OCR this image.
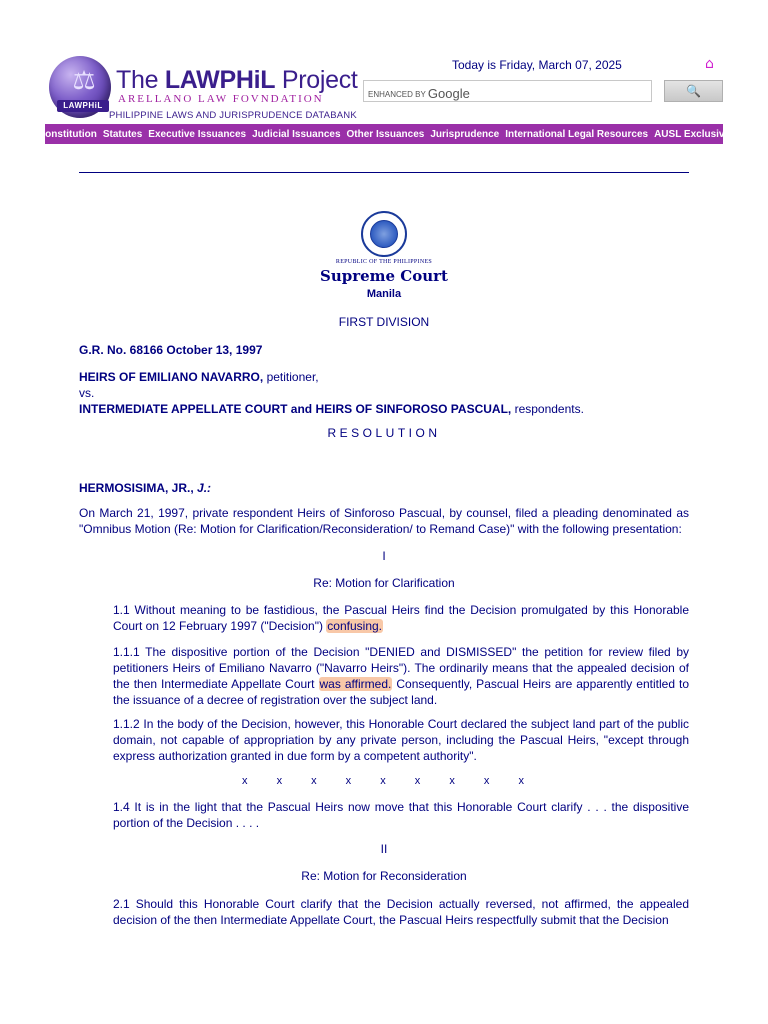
⚖
LAWPHiL
The LAWPHiL Project
ARELLANO LAW FOVNDATION
PHILIPPINE LAWS AND JURISPRUDENCE DATABANK
Today is Friday, March 07, 2025	⌂
ENHANCED BY Google	🔍
Constitution Statutes Executive Issuances Judicial Issuances Other Issuances Jurisprudence International Legal Resources AUSL Exclusive
REPUBLIC OF THE PHILIPPINES
Supreme Court
Manila
FIRST DIVISION
G.R. No. 68166 October 13, 1997
HEIRS OF EMILIANO NAVARRO, petitioner,
vs.
INTERMEDIATE APPELLATE COURT and HEIRS OF SINFOROSO PASCUAL, respondents.
RESOLUTION
HERMOSISIMA, JR., J.:
On March 21, 1997, private respondent Heirs of Sinforoso Pascual, by counsel, filed a pleading denominated as "Omnibus Motion (Re: Motion for Clarification/Reconsideration/ to Remand Case)" with the following presentation:
I
Re: Motion for Clarification
1.1 Without meaning to be fastidious, the Pascual Heirs find the Decision promulgated by this Honorable Court on 12 February 1997 ("Decision") confusing.
1.1.1 The dispositive portion of the Decision "DENIED and DISMISSED" the petition for review filed by petitioners Heirs of Emiliano Navarro ("Navarro Heirs"). The ordinarily means that the appealed decision of the then Intermediate Appellate Court was affirmed. Consequently, Pascual Heirs are apparently entitled to the issuance of a decree of registration over the subject land.
1.1.2 In the body of the Decision, however, this Honorable Court declared the subject land part of the public domain, not capable of appropriation by any private person, including the Pascual Heirs, "except through express authorization granted in due form by a competent authority".
x x x x x x x x x
1.4 It is in the light that the Pascual Heirs now move that this Honorable Court clarify . . . the dispositive portion of the Decision . . . .
II
Re: Motion for Reconsideration
2.1 Should this Honorable Court clarify that the Decision actually reversed, not affirmed, the appealed decision of the then Intermediate Appellate Court, the Pascual Heirs respectfully submit that the Decision
